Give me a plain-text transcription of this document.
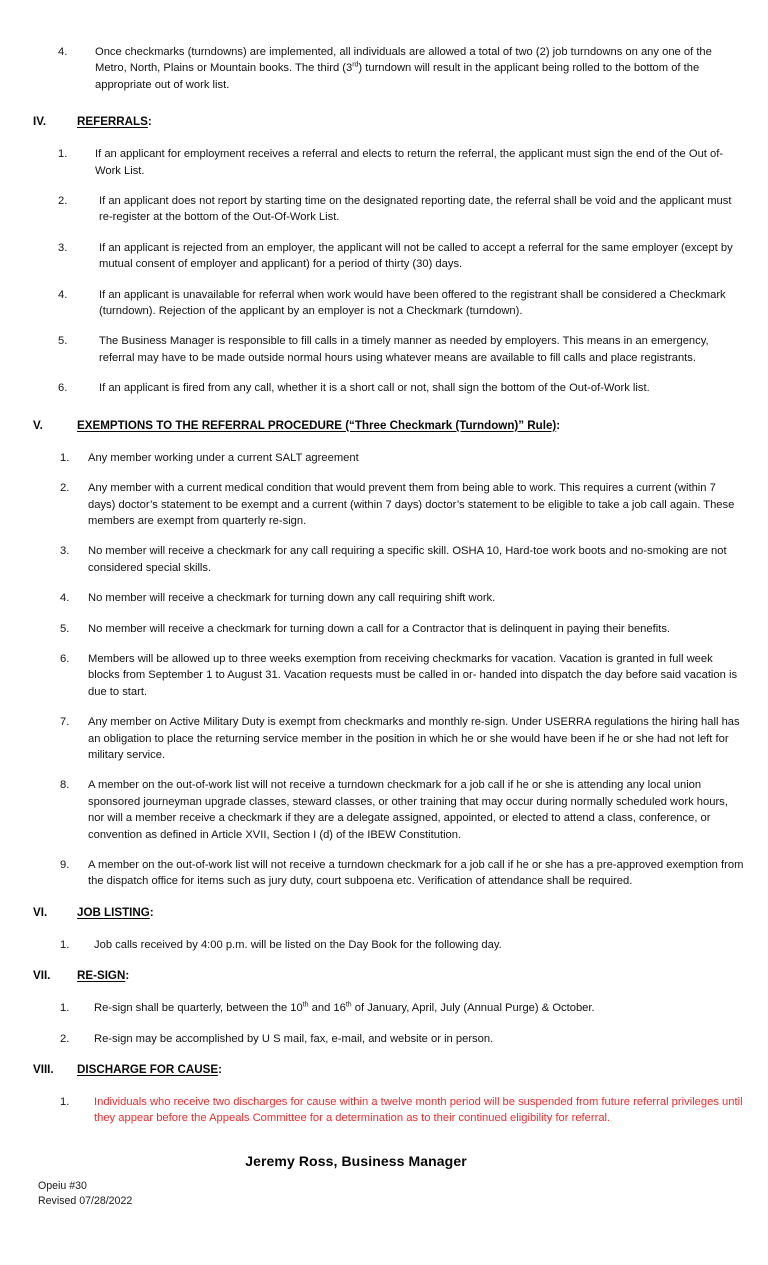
4.	Once checkmarks (turndowns) are implemented, all individuals are allowed a total of two (2) job turndowns on any one of the Metro, North, Plains or Mountain books. The third (3rd) turndown will result in the applicant being rolled to the bottom of the appropriate out of work list.
IV.	REFERRALS:
1.	If an applicant for employment receives a referral and elects to return the referral, the applicant must sign the end of the Out of-Work List.
2.	If an applicant does not report by starting time on the designated reporting date, the referral shall be void and the applicant must re-register at the bottom of the Out-Of-Work List.
3.	If an applicant is rejected from an employer, the applicant will not be called to accept a referral for the same employer (except by mutual consent of employer and applicant) for a period of thirty (30) days.
4.	If an applicant is unavailable for referral when work would have been offered to the registrant shall be considered a Checkmark (turndown). Rejection of the applicant by an employer is not a Checkmark (turndown).
5.	The Business Manager is responsible to fill calls in a timely manner as needed by employers. This means in an emergency, referral may have to be made outside normal hours using whatever means are available to fill calls and place registrants.
6.	If an applicant is fired from any call, whether it is a short call or not, shall sign the bottom of the Out-of-Work list.
V.	EXEMPTIONS TO THE REFERRAL PROCEDURE (“Three Checkmark (Turndown)” Rule):
1.	Any member working under a current SALT agreement
2.	Any member with a current medical condition that would prevent them from being able to work. This requires a current (within 7 days) doctor’s statement to be exempt and a current (within 7 days) doctor’s statement to be eligible to take a job call again. These members are exempt from quarterly re-sign.
3.	No member will receive a checkmark for any call requiring a specific skill. OSHA 10, Hard-toe work boots and no-smoking are not considered special skills.
4.	No member will receive a checkmark for turning down any call requiring shift work.
5.	No member will receive a checkmark for turning down a call for a Contractor that is delinquent in paying their benefits.
6.	Members will be allowed up to three weeks exemption from receiving checkmarks for vacation. Vacation is granted in full week blocks from September 1 to August 31. Vacation requests must be called in or- handed into dispatch the day before said vacation is due to start.
7.	Any member on Active Military Duty is exempt from checkmarks and monthly re-sign. Under USERRA regulations the hiring hall has an obligation to place the returning service member in the position in which he or she would have been if he or she had not left for military service.
8.	A member on the out-of-work list will not receive a turndown checkmark for a job call if he or she is attending any local union sponsored journeyman upgrade classes, steward classes, or other training that may occur during normally scheduled work hours, nor will a member receive a checkmark if they are a delegate assigned, appointed, or elected to attend a class, conference, or convention as defined in Article XVII, Section I (d) of the IBEW Constitution.
9.	A member on the out-of-work list will not receive a turndown checkmark for a job call if he or she has a pre-approved exemption from the dispatch office for items such as jury duty, court subpoena etc. Verification of attendance shall be required.
VI.	JOB LISTING:
1.	Job calls received by 4:00 p.m. will be listed on the Day Book for the following day.
VII.	RE-SIGN:
1.	Re-sign shall be quarterly, between the 10th and 16th of January, April, July (Annual Purge) & October.
2.	Re-sign may be accomplished by U S mail, fax, e-mail, and website or in person.
VIII.	DISCHARGE FOR CAUSE:
1.	Individuals who receive two discharges for cause within a twelve month period will be suspended from future referral privileges until they appear before the Appeals Committee for a determination as to their continued eligibility for referral.
Jeremy Ross, Business Manager
Opeiu #30
Revised 07/28/2022
